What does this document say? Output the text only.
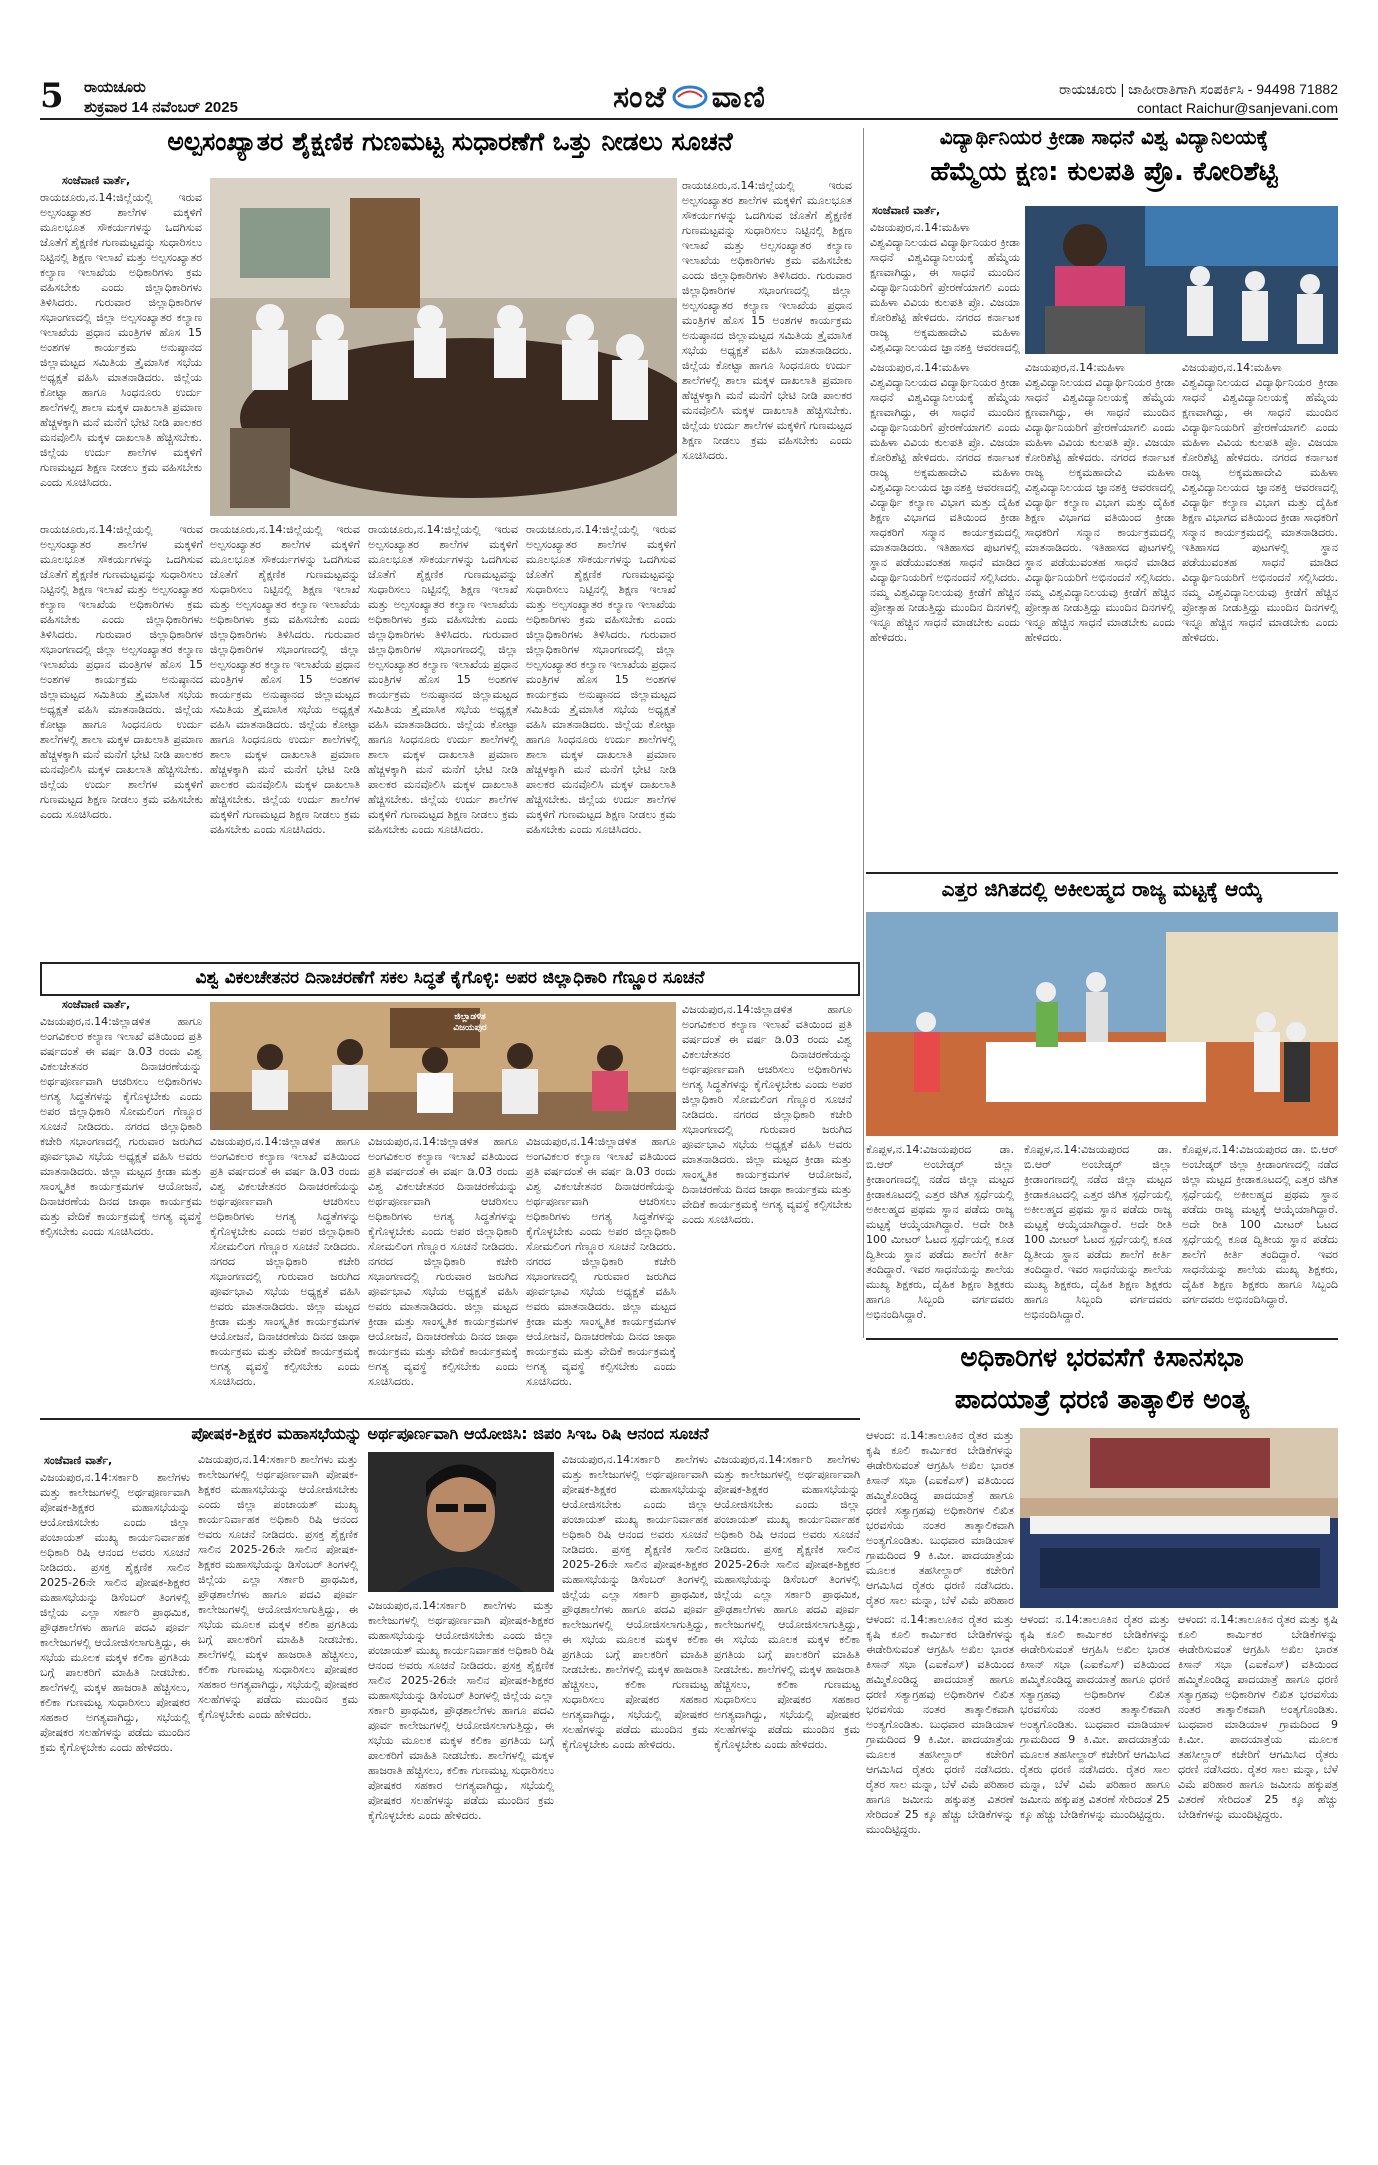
5 ರಾಯಚೂರು
ಶುಕ್ರವಾರ 14 ನವೆಂಬರ್ 2025	ಸಂಜೆ ವಾಣಿ	ರಾಯಚೂರು | ಜಾಹೀರಾತಿಗಾಗಿ ಸಂಪರ್ಕಿಸಿ - 94498 71882
contact Raichur@sanjevani.com
ಅಲ್ಪಸಂಖ್ಯಾತರ ಶೈಕ್ಷಣಿಕ ಗುಣಮಟ್ಟ ಸುಧಾರಣೆಗೆ ಒತ್ತು ನೀಡಲು ಸೂಚನೆ
ಸಂಜೆವಾಣಿ ವಾರ್ತೆ,

ರಾಯಚೂರು,ನ.14:ಜಿಲ್ಲೆಯಲ್ಲಿ ಇರುವ ಅಲ್ಪಸಂಖ್ಯಾತರ ಶಾಲೆಗಳ ಮಕ್ಕಳಿಗೆ ಮೂಲಭೂತ ಸೌಕರ್ಯಗಳನ್ನು ಒದಗಿಸುವ ಜೊತೆಗೆ ಶೈಕ್ಷಣಿಕ ಗುಣಮಟ್ಟವನ್ನು ಸುಧಾರಿಸಲು ನಿಟ್ಟಿನಲ್ಲಿ ಶಿಕ್ಷಣ ಇಲಾಖೆ ಮತ್ತು ಅಲ್ಪಸಂಖ್ಯಾತರ ಕಲ್ಯಾಣ ಇಲಾಖೆಯ ಅಧಿಕಾರಿಗಳು ಕ್ರಮ ವಹಿಸಬೇಕು ಎಂದು ಜಿಲ್ಲಾಧಿಕಾರಿಗಳು ತಿಳಿಸಿದರು. ಗುರುವಾರ ಜಿಲ್ಲಾಧಿಕಾರಿಗಳ ಸಭಾಂಗಣದಲ್ಲಿ ಜಿಲ್ಲಾ ಅಲ್ಪಸಂಖ್ಯಾತರ ಕಲ್ಯಾಣ ಇಲಾಖೆಯ ಪ್ರಧಾನ ಮಂತ್ರಿಗಳ ಹೊಸ 15 ಅಂಶಗಳ ಕಾರ್ಯಕ್ರಮ ಅನುಷ್ಠಾನದ ಜಿಲ್ಲಾಮಟ್ಟದ ಸಮಿತಿಯ ತ್ರೈಮಾಸಿಕ ಸಭೆಯ ಅಧ್ಯಕ್ಷತೆ ವಹಿಸಿ ಮಾತನಾಡಿದರು. ಜಿಲ್ಲೆಯ ಕೋಟ್ಟಾ ಹಾಗೂ ಸಿಂಧನೂರು ಉರ್ದು ಶಾಲೆಗಳಲ್ಲಿ ಶಾಲಾ ಮಕ್ಕಳ ದಾಖಲಾತಿ ಪ್ರಮಾಣ ಹೆಚ್ಚಳಕ್ಕಾಗಿ ಮನೆ ಮನೆಗೆ ಭೇಟಿ ನೀಡಿ ಪಾಲಕರ ಮನವೊಲಿಸಿ ಮಕ್ಕಳ ದಾಖಲಾತಿ ಹೆಚ್ಚಿಸಬೇಕು. ಜಿಲ್ಲೆಯ ಉರ್ದು ಶಾಲೆಗಳ ಮಕ್ಕಳಿಗೆ ಗುಣಮಟ್ಟದ ಶಿಕ್ಷಣ ನೀಡಲು ಕ್ರಮ ವಹಿಸಬೇಕು ಎಂದು ಸೂಚಿಸಿದರು.

ರಾಯಚೂರು,ನ.14:ಜಿಲ್ಲೆಯಲ್ಲಿ ಇರುವ ಅಲ್ಪಸಂಖ್ಯಾತರ ಶಾಲೆಗಳ ಮಕ್ಕಳಿಗೆ ಮೂಲಭೂತ ಸೌಕರ್ಯಗಳನ್ನು ಒದಗಿಸುವ ಜೊತೆಗೆ ಶೈಕ್ಷಣಿಕ ಗುಣಮಟ್ಟವನ್ನು ಸುಧಾರಿಸಲು ನಿಟ್ಟಿನಲ್ಲಿ ಶಿಕ್ಷಣ ಇಲಾಖೆ ಮತ್ತು ಅಲ್ಪಸಂಖ್ಯಾತರ ಕಲ್ಯಾಣ ಇಲಾಖೆಯ ಅಧಿಕಾರಿಗಳು ಕ್ರಮ ವಹಿಸಬೇಕು ಎಂದು ಜಿಲ್ಲಾಧಿಕಾರಿಗಳು ತಿಳಿಸಿದರು. ಗುರುವಾರ ಜಿಲ್ಲಾಧಿಕಾರಿಗಳ ಸಭಾಂಗಣದಲ್ಲಿ ಜಿಲ್ಲಾ ಅಲ್ಪಸಂಖ್ಯಾತರ ಕಲ್ಯಾಣ ಇಲಾಖೆಯ ಪ್ರಧಾನ ಮಂತ್ರಿಗಳ ಹೊಸ 15 ಅಂಶಗಳ ಕಾರ್ಯಕ್ರಮ ಅನುಷ್ಠಾನದ ಜಿಲ್ಲಾಮಟ್ಟದ ಸಮಿತಿಯ ತ್ರೈಮಾಸಿಕ ಸಭೆಯ ಅಧ್ಯಕ್ಷತೆ ವಹಿಸಿ ಮಾತನಾಡಿದರು. ಜಿಲ್ಲೆಯ ಕೋಟ್ಟಾ ಹಾಗೂ ಸಿಂಧನೂರು ಉರ್ದು ಶಾಲೆಗಳಲ್ಲಿ ಶಾಲಾ ಮಕ್ಕಳ ದಾಖಲಾತಿ ಪ್ರಮಾಣ ಹೆಚ್ಚಳಕ್ಕಾಗಿ ಮನೆ ಮನೆಗೆ ಭೇಟಿ ನೀಡಿ ಪಾಲಕರ ಮನವೊಲಿಸಿ ಮಕ್ಕಳ ದಾಖಲಾತಿ ಹೆಚ್ಚಿಸಬೇಕು. ಜಿಲ್ಲೆಯ ಉರ್ದು ಶಾಲೆಗಳ ಮಕ್ಕಳಿಗೆ ಗುಣಮಟ್ಟದ ಶಿಕ್ಷಣ ನೀಡಲು ಕ್ರಮ ವಹಿಸಬೇಕು ಎಂದು ಸೂಚಿಸಿದರು.

ರಾಯಚೂರು,ನ.14:ಜಿಲ್ಲೆಯಲ್ಲಿ ಇರುವ ಅಲ್ಪಸಂಖ್ಯಾತರ ಶಾಲೆಗಳ ಮಕ್ಕಳಿಗೆ ಮೂಲಭೂತ ಸೌಕರ್ಯಗಳನ್ನು ಒದಗಿಸುವ ಜೊತೆಗೆ ಶೈಕ್ಷಣಿಕ ಗುಣಮಟ್ಟವನ್ನು ಸುಧಾರಿಸಲು ನಿಟ್ಟಿನಲ್ಲಿ ಶಿಕ್ಷಣ ಇಲಾಖೆ ಮತ್ತು ಅಲ್ಪಸಂಖ್ಯಾತರ ಕಲ್ಯಾಣ ಇಲಾಖೆಯ ಅಧಿಕಾರಿಗಳು ಕ್ರಮ ವಹಿಸಬೇಕು ಎಂದು ಜಿಲ್ಲಾಧಿಕಾರಿಗಳು ತಿಳಿಸಿದರು. ಗುರುವಾರ ಜಿಲ್ಲಾಧಿಕಾರಿಗಳ ಸಭಾಂಗಣದಲ್ಲಿ ಜಿಲ್ಲಾ ಅಲ್ಪಸಂಖ್ಯಾತರ ಕಲ್ಯಾಣ ಇಲಾಖೆಯ ಪ್ರಧಾನ ಮಂತ್ರಿಗಳ ಹೊಸ 15 ಅಂಶಗಳ ಕಾರ್ಯಕ್ರಮ ಅನುಷ್ಠಾನದ ಜಿಲ್ಲಾಮಟ್ಟದ ಸಮಿತಿಯ ತ್ರೈಮಾಸಿಕ ಸಭೆಯ ಅಧ್ಯಕ್ಷತೆ ವಹಿಸಿ ಮಾತನಾಡಿದರು. ಜಿಲ್ಲೆಯ ಕೋಟ್ಟಾ ಹಾಗೂ ಸಿಂಧನೂರು ಉರ್ದು ಶಾಲೆಗಳಲ್ಲಿ ಶಾಲಾ ಮಕ್ಕಳ ದಾಖಲಾತಿ ಪ್ರಮಾಣ ಹೆಚ್ಚಳಕ್ಕಾಗಿ ಮನೆ ಮನೆಗೆ ಭೇಟಿ ನೀಡಿ ಪಾಲಕರ ಮನವೊಲಿಸಿ ಮಕ್ಕಳ ದಾಖಲಾತಿ ಹೆಚ್ಚಿಸಬೇಕು. ಜಿಲ್ಲೆಯ ಉರ್ದು ಶಾಲೆಗಳ ಮಕ್ಕಳಿಗೆ ಗುಣಮಟ್ಟದ ಶಿಕ್ಷಣ ನೀಡಲು ಕ್ರಮ ವಹಿಸಬೇಕು ಎಂದು ಸೂಚಿಸಿದರು.

ರಾಯಚೂರು,ನ.14:ಜಿಲ್ಲೆಯಲ್ಲಿ ಇರುವ ಅಲ್ಪಸಂಖ್ಯಾತರ ಶಾಲೆಗಳ ಮಕ್ಕಳಿಗೆ ಮೂಲಭೂತ ಸೌಕರ್ಯಗಳನ್ನು ಒದಗಿಸುವ ಜೊತೆಗೆ ಶೈಕ್ಷಣಿಕ ಗುಣಮಟ್ಟವನ್ನು ಸುಧಾರಿಸಲು ನಿಟ್ಟಿನಲ್ಲಿ ಶಿಕ್ಷಣ ಇಲಾಖೆ ಮತ್ತು ಅಲ್ಪಸಂಖ್ಯಾತರ ಕಲ್ಯಾಣ ಇಲಾಖೆಯ ಅಧಿಕಾರಿಗಳು ಕ್ರಮ ವಹಿಸಬೇಕು ಎಂದು ಜಿಲ್ಲಾಧಿಕಾರಿಗಳು ತಿಳಿಸಿದರು. ಗುರುವಾರ ಜಿಲ್ಲಾಧಿಕಾರಿಗಳ ಸಭಾಂಗಣದಲ್ಲಿ ಜಿಲ್ಲಾ ಅಲ್ಪಸಂಖ್ಯಾತರ ಕಲ್ಯಾಣ ಇಲಾಖೆಯ ಪ್ರಧಾನ ಮಂತ್ರಿಗಳ ಹೊಸ 15 ಅಂಶಗಳ ಕಾರ್ಯಕ್ರಮ ಅನುಷ್ಠಾನದ ಜಿಲ್ಲಾಮಟ್ಟದ ಸಮಿತಿಯ ತ್ರೈಮಾಸಿಕ ಸಭೆಯ ಅಧ್ಯಕ್ಷತೆ ವಹಿಸಿ ಮಾತನಾಡಿದರು. ಜಿಲ್ಲೆಯ ಕೋಟ್ಟಾ ಹಾಗೂ ಸಿಂಧನೂರು ಉರ್ದು ಶಾಲೆಗಳಲ್ಲಿ ಶಾಲಾ ಮಕ್ಕಳ ದಾಖಲಾತಿ ಪ್ರಮಾಣ ಹೆಚ್ಚಳಕ್ಕಾಗಿ ಮನೆ ಮನೆಗೆ ಭೇಟಿ ನೀಡಿ ಪಾಲಕರ ಮನವೊಲಿಸಿ ಮಕ್ಕಳ ದಾಖಲಾತಿ ಹೆಚ್ಚಿಸಬೇಕು. ಜಿಲ್ಲೆಯ ಉರ್ದು ಶಾಲೆಗಳ ಮಕ್ಕಳಿಗೆ ಗುಣಮಟ್ಟದ ಶಿಕ್ಷಣ ನೀಡಲು ಕ್ರಮ ವಹಿಸಬೇಕು ಎಂದು ಸೂಚಿಸಿದರು.

ರಾಯಚೂರು,ನ.14:ಜಿಲ್ಲೆಯಲ್ಲಿ ಇರುವ ಅಲ್ಪಸಂಖ್ಯಾತರ ಶಾಲೆಗಳ ಮಕ್ಕಳಿಗೆ ಮೂಲಭೂತ ಸೌಕರ್ಯಗಳನ್ನು ಒದಗಿಸುವ ಜೊತೆಗೆ ಶೈಕ್ಷಣಿಕ ಗುಣಮಟ್ಟವನ್ನು ಸುಧಾರಿಸಲು ನಿಟ್ಟಿನಲ್ಲಿ ಶಿಕ್ಷಣ ಇಲಾಖೆ ಮತ್ತು ಅಲ್ಪಸಂಖ್ಯಾತರ ಕಲ್ಯಾಣ ಇಲಾಖೆಯ ಅಧಿಕಾರಿಗಳು ಕ್ರಮ ವಹಿಸಬೇಕು ಎಂದು ಜಿಲ್ಲಾಧಿಕಾರಿಗಳು ತಿಳಿಸಿದರು. ಗುರುವಾರ ಜಿಲ್ಲಾಧಿಕಾರಿಗಳ ಸಭಾಂಗಣದಲ್ಲಿ ಜಿಲ್ಲಾ ಅಲ್ಪಸಂಖ್ಯಾತರ ಕಲ್ಯಾಣ ಇಲಾಖೆಯ ಪ್ರಧಾನ ಮಂತ್ರಿಗಳ ಹೊಸ 15 ಅಂಶಗಳ ಕಾರ್ಯಕ್ರಮ ಅನುಷ್ಠಾನದ ಜಿಲ್ಲಾಮಟ್ಟದ ಸಮಿತಿಯ ತ್ರೈಮಾಸಿಕ ಸಭೆಯ ಅಧ್ಯಕ್ಷತೆ ವಹಿಸಿ ಮಾತನಾಡಿದರು. ಜಿಲ್ಲೆಯ ಕೋಟ್ಟಾ ಹಾಗೂ ಸಿಂಧನೂರು ಉರ್ದು ಶಾಲೆಗಳಲ್ಲಿ ಶಾಲಾ ಮಕ್ಕಳ ದಾಖಲಾತಿ ಪ್ರಮಾಣ ಹೆಚ್ಚಳಕ್ಕಾಗಿ ಮನೆ ಮನೆಗೆ ಭೇಟಿ ನೀಡಿ ಪಾಲಕರ ಮನವೊಲಿಸಿ ಮಕ್ಕಳ ದಾಖಲಾತಿ ಹೆಚ್ಚಿಸಬೇಕು. ಜಿಲ್ಲೆಯ ಉರ್ದು ಶಾಲೆಗಳ ಮಕ್ಕಳಿಗೆ ಗುಣಮಟ್ಟದ ಶಿಕ್ಷಣ ನೀಡಲು ಕ್ರಮ ವಹಿಸಬೇಕು ಎಂದು ಸೂಚಿಸಿದರು.

ರಾಯಚೂರು,ನ.14:ಜಿಲ್ಲೆಯಲ್ಲಿ ಇರುವ ಅಲ್ಪಸಂಖ್ಯಾತರ ಶಾಲೆಗಳ ಮಕ್ಕಳಿಗೆ ಮೂಲಭೂತ ಸೌಕರ್ಯಗಳನ್ನು ಒದಗಿಸುವ ಜೊತೆಗೆ ಶೈಕ್ಷಣಿಕ ಗುಣಮಟ್ಟವನ್ನು ಸುಧಾರಿಸಲು ನಿಟ್ಟಿನಲ್ಲಿ ಶಿಕ್ಷಣ ಇಲಾಖೆ ಮತ್ತು ಅಲ್ಪಸಂಖ್ಯಾತರ ಕಲ್ಯಾಣ ಇಲಾಖೆಯ ಅಧಿಕಾರಿಗಳು ಕ್ರಮ ವಹಿಸಬೇಕು ಎಂದು ಜಿಲ್ಲಾಧಿಕಾರಿಗಳು ತಿಳಿಸಿದರು. ಗುರುವಾರ ಜಿಲ್ಲಾಧಿಕಾರಿಗಳ ಸಭಾಂಗಣದಲ್ಲಿ ಜಿಲ್ಲಾ ಅಲ್ಪಸಂಖ್ಯಾತರ ಕಲ್ಯಾಣ ಇಲಾಖೆಯ ಪ್ರಧಾನ ಮಂತ್ರಿಗಳ ಹೊಸ 15 ಅಂಶಗಳ ಕಾರ್ಯಕ್ರಮ ಅನುಷ್ಠಾನದ ಜಿಲ್ಲಾಮಟ್ಟದ ಸಮಿತಿಯ ತ್ರೈಮಾಸಿಕ ಸಭೆಯ ಅಧ್ಯಕ್ಷತೆ ವಹಿಸಿ ಮಾತನಾಡಿದರು. ಜಿಲ್ಲೆಯ ಕೋಟ್ಟಾ ಹಾಗೂ ಸಿಂಧನೂರು ಉರ್ದು ಶಾಲೆಗಳಲ್ಲಿ ಶಾಲಾ ಮಕ್ಕಳ ದಾಖಲಾತಿ ಪ್ರಮಾಣ ಹೆಚ್ಚಳಕ್ಕಾಗಿ ಮನೆ ಮನೆಗೆ ಭೇಟಿ ನೀಡಿ ಪಾಲಕರ ಮನವೊಲಿಸಿ ಮಕ್ಕಳ ದಾಖಲಾತಿ ಹೆಚ್ಚಿಸಬೇಕು. ಜಿಲ್ಲೆಯ ಉರ್ದು ಶಾಲೆಗಳ ಮಕ್ಕಳಿಗೆ ಗುಣಮಟ್ಟದ ಶಿಕ್ಷಣ ನೀಡಲು ಕ್ರಮ ವಹಿಸಬೇಕು ಎಂದು ಸೂಚಿಸಿದರು.

ವಿದ್ಯಾರ್ಥಿನಿಯರ ಕ್ರೀಡಾ ಸಾಧನೆ ವಿಶ್ವ ವಿದ್ಯಾನಿಲಯಕ್ಕೆ
ಹೆಮ್ಮೆಯ ಕ್ಷಣ: ಕುಲಪತಿ ಪ್ರೊ. ಕೋರಿಶೆಟ್ಟಿ
ಸಂಜೆವಾಣಿ ವಾರ್ತೆ,

ವಿಜಯಪುರ,ನ.14:ಮಹಿಳಾ ವಿಶ್ವವಿದ್ಯಾನಿಲಯದ ವಿದ್ಯಾರ್ಥಿನಿಯರ ಕ್ರೀಡಾ ಸಾಧನೆ ವಿಶ್ವವಿದ್ಯಾನಿಲಯಕ್ಕೆ ಹೆಮ್ಮೆಯ ಕ್ಷಣವಾಗಿದ್ದು, ಈ ಸಾಧನೆ ಮುಂದಿನ ವಿದ್ಯಾರ್ಥಿನಿಯರಿಗೆ ಪ್ರೇರಣೆಯಾಗಲಿ ಎಂದು ಮಹಿಳಾ ವಿವಿಯ ಕುಲಪತಿ ಪ್ರೊ. ವಿಜಯಾ ಕೋರಿಶೆಟ್ಟಿ ಹೇಳಿದರು. ನಗರದ ಕರ್ನಾಟಕ ರಾಜ್ಯ ಅಕ್ಕಮಹಾದೇವಿ ಮಹಿಳಾ ವಿಶ್ವವಿದ್ಯಾನಿಲಯದ ಜ್ಞಾನಶಕ್ತಿ ಆವರಣದಲ್ಲಿ

ವಿಜಯಪುರ,ನ.14:ಮಹಿಳಾ ವಿಶ್ವವಿದ್ಯಾನಿಲಯದ ವಿದ್ಯಾರ್ಥಿನಿಯರ ಕ್ರೀಡಾ ಸಾಧನೆ ವಿಶ್ವವಿದ್ಯಾನಿಲಯಕ್ಕೆ ಹೆಮ್ಮೆಯ ಕ್ಷಣವಾಗಿದ್ದು, ಈ ಸಾಧನೆ ಮುಂದಿನ ವಿದ್ಯಾರ್ಥಿನಿಯರಿಗೆ ಪ್ರೇರಣೆಯಾಗಲಿ ಎಂದು ಮಹಿಳಾ ವಿವಿಯ ಕುಲಪತಿ ಪ್ರೊ. ವಿಜಯಾ ಕೋರಿಶೆಟ್ಟಿ ಹೇಳಿದರು. ನಗರದ ಕರ್ನಾಟಕ ರಾಜ್ಯ ಅಕ್ಕಮಹಾದೇವಿ ಮಹಿಳಾ ವಿಶ್ವವಿದ್ಯಾನಿಲಯದ ಜ್ಞಾನಶಕ್ತಿ ಆವರಣದಲ್ಲಿ ವಿದ್ಯಾರ್ಥಿ ಕಲ್ಯಾಣ ವಿಭಾಗ ಮತ್ತು ದೈಹಿಕ ಶಿಕ್ಷಣ ವಿಭಾಗದ ವತಿಯಿಂದ ಕ್ರೀಡಾ ಸಾಧಕರಿಗೆ ಸನ್ಮಾನ ಕಾರ್ಯಕ್ರಮದಲ್ಲಿ ಮಾತನಾಡಿದರು. ಇತಿಹಾಸದ ಪುಟಗಳಲ್ಲಿ ಸ್ಥಾನ ಪಡೆಯುವಂತಹ ಸಾಧನೆ ಮಾಡಿದ ವಿದ್ಯಾರ್ಥಿನಿಯರಿಗೆ ಅಭಿನಂದನೆ ಸಲ್ಲಿಸಿದರು. ನಮ್ಮ ವಿಶ್ವವಿದ್ಯಾನಿಲಯವು ಕ್ರೀಡೆಗೆ ಹೆಚ್ಚಿನ ಪ್ರೋತ್ಸಾಹ ನೀಡುತ್ತಿದ್ದು ಮುಂದಿನ ದಿನಗಳಲ್ಲಿ ಇನ್ನೂ ಹೆಚ್ಚಿನ ಸಾಧನೆ ಮಾಡಬೇಕು ಎಂದು ಹೇಳಿದರು.

ವಿಜಯಪುರ,ನ.14:ಮಹಿಳಾ ವಿಶ್ವವಿದ್ಯಾನಿಲಯದ ವಿದ್ಯಾರ್ಥಿನಿಯರ ಕ್ರೀಡಾ ಸಾಧನೆ ವಿಶ್ವವಿದ್ಯಾನಿಲಯಕ್ಕೆ ಹೆಮ್ಮೆಯ ಕ್ಷಣವಾಗಿದ್ದು, ಈ ಸಾಧನೆ ಮುಂದಿನ ವಿದ್ಯಾರ್ಥಿನಿಯರಿಗೆ ಪ್ರೇರಣೆಯಾಗಲಿ ಎಂದು ಮಹಿಳಾ ವಿವಿಯ ಕುಲಪತಿ ಪ್ರೊ. ವಿಜಯಾ ಕೋರಿಶೆಟ್ಟಿ ಹೇಳಿದರು. ನಗರದ ಕರ್ನಾಟಕ ರಾಜ್ಯ ಅಕ್ಕಮಹಾದೇವಿ ಮಹಿಳಾ ವಿಶ್ವವಿದ್ಯಾನಿಲಯದ ಜ್ಞಾನಶಕ್ತಿ ಆವರಣದಲ್ಲಿ ವಿದ್ಯಾರ್ಥಿ ಕಲ್ಯಾಣ ವಿಭಾಗ ಮತ್ತು ದೈಹಿಕ ಶಿಕ್ಷಣ ವಿಭಾಗದ ವತಿಯಿಂದ ಕ್ರೀಡಾ ಸಾಧಕರಿಗೆ ಸನ್ಮಾನ ಕಾರ್ಯಕ್ರಮದಲ್ಲಿ ಮಾತನಾಡಿದರು. ಇತಿಹಾಸದ ಪುಟಗಳಲ್ಲಿ ಸ್ಥಾನ ಪಡೆಯುವಂತಹ ಸಾಧನೆ ಮಾಡಿದ ವಿದ್ಯಾರ್ಥಿನಿಯರಿಗೆ ಅಭಿನಂದನೆ ಸಲ್ಲಿಸಿದರು. ನಮ್ಮ ವಿಶ್ವವಿದ್ಯಾನಿಲಯವು ಕ್ರೀಡೆಗೆ ಹೆಚ್ಚಿನ ಪ್ರೋತ್ಸಾಹ ನೀಡುತ್ತಿದ್ದು ಮುಂದಿನ ದಿನಗಳಲ್ಲಿ ಇನ್ನೂ ಹೆಚ್ಚಿನ ಸಾಧನೆ ಮಾಡಬೇಕು ಎಂದು ಹೇಳಿದರು.

ವಿಜಯಪುರ,ನ.14:ಮಹಿಳಾ ವಿಶ್ವವಿದ್ಯಾನಿಲಯದ ವಿದ್ಯಾರ್ಥಿನಿಯರ ಕ್ರೀಡಾ ಸಾಧನೆ ವಿಶ್ವವಿದ್ಯಾನಿಲಯಕ್ಕೆ ಹೆಮ್ಮೆಯ ಕ್ಷಣವಾಗಿದ್ದು, ಈ ಸಾಧನೆ ಮುಂದಿನ ವಿದ್ಯಾರ್ಥಿನಿಯರಿಗೆ ಪ್ರೇರಣೆಯಾಗಲಿ ಎಂದು ಮಹಿಳಾ ವಿವಿಯ ಕುಲಪತಿ ಪ್ರೊ. ವಿಜಯಾ ಕೋರಿಶೆಟ್ಟಿ ಹೇಳಿದರು. ನಗರದ ಕರ್ನಾಟಕ ರಾಜ್ಯ ಅಕ್ಕಮಹಾದೇವಿ ಮಹಿಳಾ ವಿಶ್ವವಿದ್ಯಾನಿಲಯದ ಜ್ಞಾನಶಕ್ತಿ ಆವರಣದಲ್ಲಿ ವಿದ್ಯಾರ್ಥಿ ಕಲ್ಯಾಣ ವಿಭಾಗ ಮತ್ತು ದೈಹಿಕ ಶಿಕ್ಷಣ ವಿಭಾಗದ ವತಿಯಿಂದ ಕ್ರೀಡಾ ಸಾಧಕರಿಗೆ ಸನ್ಮಾನ ಕಾರ್ಯಕ್ರಮದಲ್ಲಿ ಮಾತನಾಡಿದರು. ಇತಿಹಾಸದ ಪುಟಗಳಲ್ಲಿ ಸ್ಥಾನ ಪಡೆಯುವಂತಹ ಸಾಧನೆ ಮಾಡಿದ ವಿದ್ಯಾರ್ಥಿನಿಯರಿಗೆ ಅಭಿನಂದನೆ ಸಲ್ಲಿಸಿದರು. ನಮ್ಮ ವಿಶ್ವವಿದ್ಯಾನಿಲಯವು ಕ್ರೀಡೆಗೆ ಹೆಚ್ಚಿನ ಪ್ರೋತ್ಸಾಹ ನೀಡುತ್ತಿದ್ದು ಮುಂದಿನ ದಿನಗಳಲ್ಲಿ ಇನ್ನೂ ಹೆಚ್ಚಿನ ಸಾಧನೆ ಮಾಡಬೇಕು ಎಂದು ಹೇಳಿದರು.

ಎತ್ತರ ಜಿಗಿತದಲ್ಲಿ ಅಕೀಲಹ್ಮದ ರಾಜ್ಯ ಮಟ್ಟಕ್ಕೆ ಆಯ್ಕೆ

ಕೊಪ್ಪಳ,ನ.14:ವಿಜಯಪುರದ ಡಾ. ಬಿ.ಆರ್ ಅಂಬೇಡ್ಕರ್ ಜಿಲ್ಲಾ ಕ್ರೀಡಾಂಗಣದಲ್ಲಿ ನಡೆದ ಜಿಲ್ಲಾ ಮಟ್ಟದ ಕ್ರೀಡಾಕೂಟದಲ್ಲಿ ಎತ್ತರ ಜಿಗಿತ ಸ್ಪರ್ಧೆಯಲ್ಲಿ ಅಕೀಲಹ್ಮದ ಪ್ರಥಮ ಸ್ಥಾನ ಪಡೆದು ರಾಜ್ಯ ಮಟ್ಟಕ್ಕೆ ಆಯ್ಕೆಯಾಗಿದ್ದಾರೆ. ಅದೇ ರೀತಿ 100 ಮೀಟರ್ ಓಟದ ಸ್ಪರ್ಧೆಯಲ್ಲಿ ಕೂಡ ದ್ವಿತೀಯ ಸ್ಥಾನ ಪಡೆದು ಶಾಲೆಗೆ ಕೀರ್ತಿ ತಂದಿದ್ದಾರೆ. ಇವರ ಸಾಧನೆಯನ್ನು ಶಾಲೆಯ ಮುಖ್ಯ ಶಿಕ್ಷಕರು, ದೈಹಿಕ ಶಿಕ್ಷಣ ಶಿಕ್ಷಕರು ಹಾಗೂ ಸಿಬ್ಬಂದಿ ವರ್ಗದವರು ಅಭಿನಂದಿಸಿದ್ದಾರೆ.

ಕೊಪ್ಪಳ,ನ.14:ವಿಜಯಪುರದ ಡಾ. ಬಿ.ಆರ್ ಅಂಬೇಡ್ಕರ್ ಜಿಲ್ಲಾ ಕ್ರೀಡಾಂಗಣದಲ್ಲಿ ನಡೆದ ಜಿಲ್ಲಾ ಮಟ್ಟದ ಕ್ರೀಡಾಕೂಟದಲ್ಲಿ ಎತ್ತರ ಜಿಗಿತ ಸ್ಪರ್ಧೆಯಲ್ಲಿ ಅಕೀಲಹ್ಮದ ಪ್ರಥಮ ಸ್ಥಾನ ಪಡೆದು ರಾಜ್ಯ ಮಟ್ಟಕ್ಕೆ ಆಯ್ಕೆಯಾಗಿದ್ದಾರೆ. ಅದೇ ರೀತಿ 100 ಮೀಟರ್ ಓಟದ ಸ್ಪರ್ಧೆಯಲ್ಲಿ ಕೂಡ ದ್ವಿತೀಯ ಸ್ಥಾನ ಪಡೆದು ಶಾಲೆಗೆ ಕೀರ್ತಿ ತಂದಿದ್ದಾರೆ. ಇವರ ಸಾಧನೆಯನ್ನು ಶಾಲೆಯ ಮುಖ್ಯ ಶಿಕ್ಷಕರು, ದೈಹಿಕ ಶಿಕ್ಷಣ ಶಿಕ್ಷಕರು ಹಾಗೂ ಸಿಬ್ಬಂದಿ ವರ್ಗದವರು ಅಭಿನಂದಿಸಿದ್ದಾರೆ.

ಕೊಪ್ಪಳ,ನ.14:ವಿಜಯಪುರದ ಡಾ. ಬಿ.ಆರ್ ಅಂಬೇಡ್ಕರ್ ಜಿಲ್ಲಾ ಕ್ರೀಡಾಂಗಣದಲ್ಲಿ ನಡೆದ ಜಿಲ್ಲಾ ಮಟ್ಟದ ಕ್ರೀಡಾಕೂಟದಲ್ಲಿ ಎತ್ತರ ಜಿಗಿತ ಸ್ಪರ್ಧೆಯಲ್ಲಿ ಅಕೀಲಹ್ಮದ ಪ್ರಥಮ ಸ್ಥಾನ ಪಡೆದು ರಾಜ್ಯ ಮಟ್ಟಕ್ಕೆ ಆಯ್ಕೆಯಾಗಿದ್ದಾರೆ. ಅದೇ ರೀತಿ 100 ಮೀಟರ್ ಓಟದ ಸ್ಪರ್ಧೆಯಲ್ಲಿ ಕೂಡ ದ್ವಿತೀಯ ಸ್ಥಾನ ಪಡೆದು ಶಾಲೆಗೆ ಕೀರ್ತಿ ತಂದಿದ್ದಾರೆ. ಇವರ ಸಾಧನೆಯನ್ನು ಶಾಲೆಯ ಮುಖ್ಯ ಶಿಕ್ಷಕರು, ದೈಹಿಕ ಶಿಕ್ಷಣ ಶಿಕ್ಷಕರು ಹಾಗೂ ಸಿಬ್ಬಂದಿ ವರ್ಗದವರು ಅಭಿನಂದಿಸಿದ್ದಾರೆ.

ವಿಶ್ವ ವಿಕಲಚೇತನರ ದಿನಾಚರಣೆಗೆ ಸಕಲ ಸಿದ್ಧತೆ ಕೈಗೊಳ್ಳಿ: ಅಪರ ಜಿಲ್ಲಾಧಿಕಾರಿ ಗೆಣ್ಣೂರ ಸೂಚನೆ
ಸಂಜೆವಾಣಿ ವಾರ್ತೆ,

ವಿಜಯಪುರ,ನ.14:ಜಿಲ್ಲಾಡಳಿತ ಹಾಗೂ ಅಂಗವಿಕಲರ ಕಲ್ಯಾಣ ಇಲಾಖೆ ವತಿಯಿಂದ ಪ್ರತಿ ವರ್ಷದಂತೆ ಈ ವರ್ಷ ಡಿ.03 ರಂದು ವಿಶ್ವ ವಿಕಲಚೇತನರ ದಿನಾಚರಣೆಯನ್ನು ಅರ್ಥಪೂರ್ಣವಾಗಿ ಆಚರಿಸಲು ಅಧಿಕಾರಿಗಳು ಅಗತ್ಯ ಸಿದ್ಧತೆಗಳನ್ನು ಕೈಗೊಳ್ಳಬೇಕು ಎಂದು ಅಪರ ಜಿಲ್ಲಾಧಿಕಾರಿ ಸೋಮಲಿಂಗ ಗೆಣ್ಣೂರ ಸೂಚನೆ ನೀಡಿದರು. ನಗರದ ಜಿಲ್ಲಾಧಿಕಾರಿ ಕಚೇರಿ ಸಭಾಂಗಣದಲ್ಲಿ ಗುರುವಾರ ಜರುಗಿದ ಪೂರ್ವಭಾವಿ ಸಭೆಯ ಅಧ್ಯಕ್ಷತೆ ವಹಿಸಿ ಅವರು ಮಾತನಾಡಿದರು. ಜಿಲ್ಲಾ ಮಟ್ಟದ ಕ್ರೀಡಾ ಮತ್ತು ಸಾಂಸ್ಕೃತಿಕ ಕಾರ್ಯಕ್ರಮಗಳ ಆಯೋಜನೆ, ದಿನಾಚರಣೆಯ ದಿನದ ಜಾಥಾ ಕಾರ್ಯಕ್ರಮ ಮತ್ತು ವೇದಿಕೆ ಕಾರ್ಯಕ್ರಮಕ್ಕೆ ಅಗತ್ಯ ವ್ಯವಸ್ಥೆ ಕಲ್ಪಿಸಬೇಕು ಎಂದು ಸೂಚಿಸಿದರು.

ಜಿಲ್ಲಾಡಳಿತ ವಿಜಯಪುರ

ವಿಜಯಪುರ,ನ.14:ಜಿಲ್ಲಾಡಳಿತ ಹಾಗೂ ಅಂಗವಿಕಲರ ಕಲ್ಯಾಣ ಇಲಾಖೆ ವತಿಯಿಂದ ಪ್ರತಿ ವರ್ಷದಂತೆ ಈ ವರ್ಷ ಡಿ.03 ರಂದು ವಿಶ್ವ ವಿಕಲಚೇತನರ ದಿನಾಚರಣೆಯನ್ನು ಅರ್ಥಪೂರ್ಣವಾಗಿ ಆಚರಿಸಲು ಅಧಿಕಾರಿಗಳು ಅಗತ್ಯ ಸಿದ್ಧತೆಗಳನ್ನು ಕೈಗೊಳ್ಳಬೇಕು ಎಂದು ಅಪರ ಜಿಲ್ಲಾಧಿಕಾರಿ ಸೋಮಲಿಂಗ ಗೆಣ್ಣೂರ ಸೂಚನೆ ನೀಡಿದರು. ನಗರದ ಜಿಲ್ಲಾಧಿಕಾರಿ ಕಚೇರಿ ಸಭಾಂಗಣದಲ್ಲಿ ಗುರುವಾರ ಜರುಗಿದ ಪೂರ್ವಭಾವಿ ಸಭೆಯ ಅಧ್ಯಕ್ಷತೆ ವಹಿಸಿ ಅವರು ಮಾತನಾಡಿದರು. ಜಿಲ್ಲಾ ಮಟ್ಟದ ಕ್ರೀಡಾ ಮತ್ತು ಸಾಂಸ್ಕೃತಿಕ ಕಾರ್ಯಕ್ರಮಗಳ ಆಯೋಜನೆ, ದಿನಾಚರಣೆಯ ದಿನದ ಜಾಥಾ ಕಾರ್ಯಕ್ರಮ ಮತ್ತು ವೇದಿಕೆ ಕಾರ್ಯಕ್ರಮಕ್ಕೆ ಅಗತ್ಯ ವ್ಯವಸ್ಥೆ ಕಲ್ಪಿಸಬೇಕು ಎಂದು ಸೂಚಿಸಿದರು.

ವಿಜಯಪುರ,ನ.14:ಜಿಲ್ಲಾಡಳಿತ ಹಾಗೂ ಅಂಗವಿಕಲರ ಕಲ್ಯಾಣ ಇಲಾಖೆ ವತಿಯಿಂದ ಪ್ರತಿ ವರ್ಷದಂತೆ ಈ ವರ್ಷ ಡಿ.03 ರಂದು ವಿಶ್ವ ವಿಕಲಚೇತನರ ದಿನಾಚರಣೆಯನ್ನು ಅರ್ಥಪೂರ್ಣವಾಗಿ ಆಚರಿಸಲು ಅಧಿಕಾರಿಗಳು ಅಗತ್ಯ ಸಿದ್ಧತೆಗಳನ್ನು ಕೈಗೊಳ್ಳಬೇಕು ಎಂದು ಅಪರ ಜಿಲ್ಲಾಧಿಕಾರಿ ಸೋಮಲಿಂಗ ಗೆಣ್ಣೂರ ಸೂಚನೆ ನೀಡಿದರು. ನಗರದ ಜಿಲ್ಲಾಧಿಕಾರಿ ಕಚೇರಿ ಸಭಾಂಗಣದಲ್ಲಿ ಗುರುವಾರ ಜರುಗಿದ ಪೂರ್ವಭಾವಿ ಸಭೆಯ ಅಧ್ಯಕ್ಷತೆ ವಹಿಸಿ ಅವರು ಮಾತನಾಡಿದರು. ಜಿಲ್ಲಾ ಮಟ್ಟದ ಕ್ರೀಡಾ ಮತ್ತು ಸಾಂಸ್ಕೃತಿಕ ಕಾರ್ಯಕ್ರಮಗಳ ಆಯೋಜನೆ, ದಿನಾಚರಣೆಯ ದಿನದ ಜಾಥಾ ಕಾರ್ಯಕ್ರಮ ಮತ್ತು ವೇದಿಕೆ ಕಾರ್ಯಕ್ರಮಕ್ಕೆ ಅಗತ್ಯ ವ್ಯವಸ್ಥೆ ಕಲ್ಪಿಸಬೇಕು ಎಂದು ಸೂಚಿಸಿದರು.

ವಿಜಯಪುರ,ನ.14:ಜಿಲ್ಲಾಡಳಿತ ಹಾಗೂ ಅಂಗವಿಕಲರ ಕಲ್ಯಾಣ ಇಲಾಖೆ ವತಿಯಿಂದ ಪ್ರತಿ ವರ್ಷದಂತೆ ಈ ವರ್ಷ ಡಿ.03 ರಂದು ವಿಶ್ವ ವಿಕಲಚೇತನರ ದಿನಾಚರಣೆಯನ್ನು ಅರ್ಥಪೂರ್ಣವಾಗಿ ಆಚರಿಸಲು ಅಧಿಕಾರಿಗಳು ಅಗತ್ಯ ಸಿದ್ಧತೆಗಳನ್ನು ಕೈಗೊಳ್ಳಬೇಕು ಎಂದು ಅಪರ ಜಿಲ್ಲಾಧಿಕಾರಿ ಸೋಮಲಿಂಗ ಗೆಣ್ಣೂರ ಸೂಚನೆ ನೀಡಿದರು. ನಗರದ ಜಿಲ್ಲಾಧಿಕಾರಿ ಕಚೇರಿ ಸಭಾಂಗಣದಲ್ಲಿ ಗುರುವಾರ ಜರುಗಿದ ಪೂರ್ವಭಾವಿ ಸಭೆಯ ಅಧ್ಯಕ್ಷತೆ ವಹಿಸಿ ಅವರು ಮಾತನಾಡಿದರು. ಜಿಲ್ಲಾ ಮಟ್ಟದ ಕ್ರೀಡಾ ಮತ್ತು ಸಾಂಸ್ಕೃತಿಕ ಕಾರ್ಯಕ್ರಮಗಳ ಆಯೋಜನೆ, ದಿನಾಚರಣೆಯ ದಿನದ ಜಾಥಾ ಕಾರ್ಯಕ್ರಮ ಮತ್ತು ವೇದಿಕೆ ಕಾರ್ಯಕ್ರಮಕ್ಕೆ ಅಗತ್ಯ ವ್ಯವಸ್ಥೆ ಕಲ್ಪಿಸಬೇಕು ಎಂದು ಸೂಚಿಸಿದರು.

ವಿಜಯಪುರ,ನ.14:ಜಿಲ್ಲಾಡಳಿತ ಹಾಗೂ ಅಂಗವಿಕಲರ ಕಲ್ಯಾಣ ಇಲಾಖೆ ವತಿಯಿಂದ ಪ್ರತಿ ವರ್ಷದಂತೆ ಈ ವರ್ಷ ಡಿ.03 ರಂದು ವಿಶ್ವ ವಿಕಲಚೇತನರ ದಿನಾಚರಣೆಯನ್ನು ಅರ್ಥಪೂರ್ಣವಾಗಿ ಆಚರಿಸಲು ಅಧಿಕಾರಿಗಳು ಅಗತ್ಯ ಸಿದ್ಧತೆಗಳನ್ನು ಕೈಗೊಳ್ಳಬೇಕು ಎಂದು ಅಪರ ಜಿಲ್ಲಾಧಿಕಾರಿ ಸೋಮಲಿಂಗ ಗೆಣ್ಣೂರ ಸೂಚನೆ ನೀಡಿದರು. ನಗರದ ಜಿಲ್ಲಾಧಿಕಾರಿ ಕಚೇರಿ ಸಭಾಂಗಣದಲ್ಲಿ ಗುರುವಾರ ಜರುಗಿದ ಪೂರ್ವಭಾವಿ ಸಭೆಯ ಅಧ್ಯಕ್ಷತೆ ವಹಿಸಿ ಅವರು ಮಾತನಾಡಿದರು. ಜಿಲ್ಲಾ ಮಟ್ಟದ ಕ್ರೀಡಾ ಮತ್ತು ಸಾಂಸ್ಕೃತಿಕ ಕಾರ್ಯಕ್ರಮಗಳ ಆಯೋಜನೆ, ದಿನಾಚರಣೆಯ ದಿನದ ಜಾಥಾ ಕಾರ್ಯಕ್ರಮ ಮತ್ತು ವೇದಿಕೆ ಕಾರ್ಯಕ್ರಮಕ್ಕೆ ಅಗತ್ಯ ವ್ಯವಸ್ಥೆ ಕಲ್ಪಿಸಬೇಕು ಎಂದು ಸೂಚಿಸಿದರು.

ಅಧಿಕಾರಿಗಳ ಭರವಸೆಗೆ ಕಿಸಾನಸಭಾ
ಪಾದಯಾತ್ರೆ ಧರಣಿ ತಾತ್ಕಾಲಿಕ ಅಂತ್ಯ

ಆಳಂದ: ನ.14:ತಾಲೂಕಿನ ರೈತರ ಮತ್ತು ಕೃಷಿ ಕೂಲಿ ಕಾರ್ಮಿಕರ ಬೇಡಿಕೆಗಳನ್ನು ಈಡೇರಿಸುವಂತೆ ಆಗ್ರಹಿಸಿ ಅಖಿಲ ಭಾರತ ಕಿಸಾನ್ ಸಭಾ (ಎಐಕೆಎಸ್) ವತಿಯಿಂದ ಹಮ್ಮಿಕೊಂಡಿದ್ದ ಪಾದಯಾತ್ರೆ ಹಾಗೂ ಧರಣಿ ಸತ್ಯಾಗ್ರಹವು ಅಧಿಕಾರಿಗಳ ಲಿಖಿತ ಭರವಸೆಯ ನಂತರ ತಾತ್ಕಾಲಿಕವಾಗಿ ಅಂತ್ಯಗೊಂಡಿತು. ಬುಧವಾರ ಮಾಡಿಯಾಳ ಗ್ರಾಮದಿಂದ 9 ಕಿ.ಮೀ. ಪಾದಯಾತ್ರೆಯ ಮೂಲಕ ತಹಸೀಲ್ದಾರ್ ಕಚೇರಿಗೆ ಆಗಮಿಸಿದ ರೈತರು ಧರಣಿ ನಡೆಸಿದರು. ರೈತರ ಸಾಲ ಮನ್ನಾ, ಬೆಳೆ ವಿಮೆ ಪರಿಹಾರ

ಆಳಂದ: ನ.14:ತಾಲೂಕಿನ ರೈತರ ಮತ್ತು ಕೃಷಿ ಕೂಲಿ ಕಾರ್ಮಿಕರ ಬೇಡಿಕೆಗಳನ್ನು ಈಡೇರಿಸುವಂತೆ ಆಗ್ರಹಿಸಿ ಅಖಿಲ ಭಾರತ ಕಿಸಾನ್ ಸಭಾ (ಎಐಕೆಎಸ್) ವತಿಯಿಂದ ಹಮ್ಮಿಕೊಂಡಿದ್ದ ಪಾದಯಾತ್ರೆ ಹಾಗೂ ಧರಣಿ ಸತ್ಯಾಗ್ರಹವು ಅಧಿಕಾರಿಗಳ ಲಿಖಿತ ಭರವಸೆಯ ನಂತರ ತಾತ್ಕಾಲಿಕವಾಗಿ ಅಂತ್ಯಗೊಂಡಿತು. ಬುಧವಾರ ಮಾಡಿಯಾಳ ಗ್ರಾಮದಿಂದ 9 ಕಿ.ಮೀ. ಪಾದಯಾತ್ರೆಯ ಮೂಲಕ ತಹಸೀಲ್ದಾರ್ ಕಚೇರಿಗೆ ಆಗಮಿಸಿದ ರೈತರು ಧರಣಿ ನಡೆಸಿದರು. ರೈತರ ಸಾಲ ಮನ್ನಾ, ಬೆಳೆ ವಿಮೆ ಪರಿಹಾರ ಹಾಗೂ ಜಮೀನು ಹಕ್ಕುಪತ್ರ ವಿತರಣೆ ಸೇರಿದಂತೆ 25 ಕ್ಕೂ ಹೆಚ್ಚು ಬೇಡಿಕೆಗಳನ್ನು ಮುಂದಿಟ್ಟಿದ್ದರು.

ಆಳಂದ: ನ.14:ತಾಲೂಕಿನ ರೈತರ ಮತ್ತು ಕೃಷಿ ಕೂಲಿ ಕಾರ್ಮಿಕರ ಬೇಡಿಕೆಗಳನ್ನು ಈಡೇರಿಸುವಂತೆ ಆಗ್ರಹಿಸಿ ಅಖಿಲ ಭಾರತ ಕಿಸಾನ್ ಸಭಾ (ಎಐಕೆಎಸ್) ವತಿಯಿಂದ ಹಮ್ಮಿಕೊಂಡಿದ್ದ ಪಾದಯಾತ್ರೆ ಹಾಗೂ ಧರಣಿ ಸತ್ಯಾಗ್ರಹವು ಅಧಿಕಾರಿಗಳ ಲಿಖಿತ ಭರವಸೆಯ ನಂತರ ತಾತ್ಕಾಲಿಕವಾಗಿ ಅಂತ್ಯಗೊಂಡಿತು. ಬುಧವಾರ ಮಾಡಿಯಾಳ ಗ್ರಾಮದಿಂದ 9 ಕಿ.ಮೀ. ಪಾದಯಾತ್ರೆಯ ಮೂಲಕ ತಹಸೀಲ್ದಾರ್ ಕಚೇರಿಗೆ ಆಗಮಿಸಿದ ರೈತರು ಧರಣಿ ನಡೆಸಿದರು. ರೈತರ ಸಾಲ ಮನ್ನಾ, ಬೆಳೆ ವಿಮೆ ಪರಿಹಾರ ಹಾಗೂ ಜಮೀನು ಹಕ್ಕುಪತ್ರ ವಿತರಣೆ ಸೇರಿದಂತೆ 25 ಕ್ಕೂ ಹೆಚ್ಚು ಬೇಡಿಕೆಗಳನ್ನು ಮುಂದಿಟ್ಟಿದ್ದರು.

ಆಳಂದ: ನ.14:ತಾಲೂಕಿನ ರೈತರ ಮತ್ತು ಕೃಷಿ ಕೂಲಿ ಕಾರ್ಮಿಕರ ಬೇಡಿಕೆಗಳನ್ನು ಈಡೇರಿಸುವಂತೆ ಆಗ್ರಹಿಸಿ ಅಖಿಲ ಭಾರತ ಕಿಸಾನ್ ಸಭಾ (ಎಐಕೆಎಸ್) ವತಿಯಿಂದ ಹಮ್ಮಿಕೊಂಡಿದ್ದ ಪಾದಯಾತ್ರೆ ಹಾಗೂ ಧರಣಿ ಸತ್ಯಾಗ್ರಹವು ಅಧಿಕಾರಿಗಳ ಲಿಖಿತ ಭರವಸೆಯ ನಂತರ ತಾತ್ಕಾಲಿಕವಾಗಿ ಅಂತ್ಯಗೊಂಡಿತು. ಬುಧವಾರ ಮಾಡಿಯಾಳ ಗ್ರಾಮದಿಂದ 9 ಕಿ.ಮೀ. ಪಾದಯಾತ್ರೆಯ ಮೂಲಕ ತಹಸೀಲ್ದಾರ್ ಕಚೇರಿಗೆ ಆಗಮಿಸಿದ ರೈತರು ಧರಣಿ ನಡೆಸಿದರು. ರೈತರ ಸಾಲ ಮನ್ನಾ, ಬೆಳೆ ವಿಮೆ ಪರಿಹಾರ ಹಾಗೂ ಜಮೀನು ಹಕ್ಕುಪತ್ರ ವಿತರಣೆ ಸೇರಿದಂತೆ 25 ಕ್ಕೂ ಹೆಚ್ಚು ಬೇಡಿಕೆಗಳನ್ನು ಮುಂದಿಟ್ಟಿದ್ದರು.

ಪೋಷಕ-ಶಿಕ್ಷಕರ ಮಹಾಸಭೆಯನ್ನು ಅರ್ಥಪೂರ್ಣವಾಗಿ ಆಯೋಜಿಸಿ: ಜಿಪಂ ಸಿಇಒ ರಿಷಿ ಆನಂದ ಸೂಚನೆ
ಸಂಜೆವಾಣಿ ವಾರ್ತೆ,

ವಿಜಯಪುರ,ನ.14:ಸರ್ಕಾರಿ ಶಾಲೆಗಳು ಮತ್ತು ಕಾಲೇಜುಗಳಲ್ಲಿ ಅರ್ಥಪೂರ್ಣವಾಗಿ ಪೋಷಕ-ಶಿಕ್ಷಕರ ಮಹಾಸಭೆಯನ್ನು ಆಯೋಜಿಸಬೇಕು ಎಂದು ಜಿಲ್ಲಾ ಪಂಚಾಯತ್ ಮುಖ್ಯ ಕಾರ್ಯನಿರ್ವಾಹಕ ಅಧಿಕಾರಿ ರಿಷಿ ಆನಂದ ಅವರು ಸೂಚನೆ ನೀಡಿದರು. ಪ್ರಸಕ್ತ ಶೈಕ್ಷಣಿಕ ಸಾಲಿನ 2025-26ನೇ ಸಾಲಿನ ಪೋಷಕ-ಶಿಕ್ಷಕರ ಮಹಾಸಭೆಯನ್ನು ಡಿಸೆಂಬರ್ ತಿಂಗಳಲ್ಲಿ ಜಿಲ್ಲೆಯ ಎಲ್ಲಾ ಸರ್ಕಾರಿ ಪ್ರಾಥಮಿಕ, ಪ್ರೌಢಶಾಲೆಗಳು ಹಾಗೂ ಪದವಿ ಪೂರ್ವ ಕಾಲೇಜುಗಳಲ್ಲಿ ಆಯೋಜಿಸಲಾಗುತ್ತಿದ್ದು, ಈ ಸಭೆಯ ಮೂಲಕ ಮಕ್ಕಳ ಕಲಿಕಾ ಪ್ರಗತಿಯ ಬಗ್ಗೆ ಪಾಲಕರಿಗೆ ಮಾಹಿತಿ ನೀಡಬೇಕು. ಶಾಲೆಗಳಲ್ಲಿ ಮಕ್ಕಳ ಹಾಜರಾತಿ ಹೆಚ್ಚಿಸಲು, ಕಲಿಕಾ ಗುಣಮಟ್ಟ ಸುಧಾರಿಸಲು ಪೋಷಕರ ಸಹಕಾರ ಅಗತ್ಯವಾಗಿದ್ದು, ಸಭೆಯಲ್ಲಿ ಪೋಷಕರ ಸಲಹೆಗಳನ್ನು ಪಡೆದು ಮುಂದಿನ ಕ್ರಮ ಕೈಗೊಳ್ಳಬೇಕು ಎಂದು ಹೇಳಿದರು.

ವಿಜಯಪುರ,ನ.14:ಸರ್ಕಾರಿ ಶಾಲೆಗಳು ಮತ್ತು ಕಾಲೇಜುಗಳಲ್ಲಿ ಅರ್ಥಪೂರ್ಣವಾಗಿ ಪೋಷಕ-ಶಿಕ್ಷಕರ ಮಹಾಸಭೆಯನ್ನು ಆಯೋಜಿಸಬೇಕು ಎಂದು ಜಿಲ್ಲಾ ಪಂಚಾಯತ್ ಮುಖ್ಯ ಕಾರ್ಯನಿರ್ವಾಹಕ ಅಧಿಕಾರಿ ರಿಷಿ ಆನಂದ ಅವರು ಸೂಚನೆ ನೀಡಿದರು. ಪ್ರಸಕ್ತ ಶೈಕ್ಷಣಿಕ ಸಾಲಿನ 2025-26ನೇ ಸಾಲಿನ ಪೋಷಕ-ಶಿಕ್ಷಕರ ಮಹಾಸಭೆಯನ್ನು ಡಿಸೆಂಬರ್ ತಿಂಗಳಲ್ಲಿ ಜಿಲ್ಲೆಯ ಎಲ್ಲಾ ಸರ್ಕಾರಿ ಪ್ರಾಥಮಿಕ, ಪ್ರೌಢಶಾಲೆಗಳು ಹಾಗೂ ಪದವಿ ಪೂರ್ವ ಕಾಲೇಜುಗಳಲ್ಲಿ ಆಯೋಜಿಸಲಾಗುತ್ತಿದ್ದು, ಈ ಸಭೆಯ ಮೂಲಕ ಮಕ್ಕಳ ಕಲಿಕಾ ಪ್ರಗತಿಯ ಬಗ್ಗೆ ಪಾಲಕರಿಗೆ ಮಾಹಿತಿ ನೀಡಬೇಕು. ಶಾಲೆಗಳಲ್ಲಿ ಮಕ್ಕಳ ಹಾಜರಾತಿ ಹೆಚ್ಚಿಸಲು, ಕಲಿಕಾ ಗುಣಮಟ್ಟ ಸುಧಾರಿಸಲು ಪೋಷಕರ ಸಹಕಾರ ಅಗತ್ಯವಾಗಿದ್ದು, ಸಭೆಯಲ್ಲಿ ಪೋಷಕರ ಸಲಹೆಗಳನ್ನು ಪಡೆದು ಮುಂದಿನ ಕ್ರಮ ಕೈಗೊಳ್ಳಬೇಕು ಎಂದು ಹೇಳಿದರು.

ವಿಜಯಪುರ,ನ.14:ಸರ್ಕಾರಿ ಶಾಲೆಗಳು ಮತ್ತು ಕಾಲೇಜುಗಳಲ್ಲಿ ಅರ್ಥಪೂರ್ಣವಾಗಿ ಪೋಷಕ-ಶಿಕ್ಷಕರ ಮಹಾಸಭೆಯನ್ನು ಆಯೋಜಿಸಬೇಕು ಎಂದು ಜಿಲ್ಲಾ ಪಂಚಾಯತ್ ಮುಖ್ಯ ಕಾರ್ಯನಿರ್ವಾಹಕ ಅಧಿಕಾರಿ ರಿಷಿ ಆನಂದ ಅವರು ಸೂಚನೆ ನೀಡಿದರು. ಪ್ರಸಕ್ತ ಶೈಕ್ಷಣಿಕ ಸಾಲಿನ 2025-26ನೇ ಸಾಲಿನ ಪೋಷಕ-ಶಿಕ್ಷಕರ ಮಹಾಸಭೆಯನ್ನು ಡಿಸೆಂಬರ್ ತಿಂಗಳಲ್ಲಿ ಜಿಲ್ಲೆಯ ಎಲ್ಲಾ ಸರ್ಕಾರಿ ಪ್ರಾಥಮಿಕ, ಪ್ರೌಢಶಾಲೆಗಳು ಹಾಗೂ ಪದವಿ ಪೂರ್ವ ಕಾಲೇಜುಗಳಲ್ಲಿ ಆಯೋಜಿಸಲಾಗುತ್ತಿದ್ದು, ಈ ಸಭೆಯ ಮೂಲಕ ಮಕ್ಕಳ ಕಲಿಕಾ ಪ್ರಗತಿಯ ಬಗ್ಗೆ ಪಾಲಕರಿಗೆ ಮಾಹಿತಿ ನೀಡಬೇಕು. ಶಾಲೆಗಳಲ್ಲಿ ಮಕ್ಕಳ ಹಾಜರಾತಿ ಹೆಚ್ಚಿಸಲು, ಕಲಿಕಾ ಗುಣಮಟ್ಟ ಸುಧಾರಿಸಲು ಪೋಷಕರ ಸಹಕಾರ ಅಗತ್ಯವಾಗಿದ್ದು, ಸಭೆಯಲ್ಲಿ ಪೋಷಕರ ಸಲಹೆಗಳನ್ನು ಪಡೆದು ಮುಂದಿನ ಕ್ರಮ ಕೈಗೊಳ್ಳಬೇಕು ಎಂದು ಹೇಳಿದರು.

ವಿಜಯಪುರ,ನ.14:ಸರ್ಕಾರಿ ಶಾಲೆಗಳು ಮತ್ತು ಕಾಲೇಜುಗಳಲ್ಲಿ ಅರ್ಥಪೂರ್ಣವಾಗಿ ಪೋಷಕ-ಶಿಕ್ಷಕರ ಮಹಾಸಭೆಯನ್ನು ಆಯೋಜಿಸಬೇಕು ಎಂದು ಜಿಲ್ಲಾ ಪಂಚಾಯತ್ ಮುಖ್ಯ ಕಾರ್ಯನಿರ್ವಾಹಕ ಅಧಿಕಾರಿ ರಿಷಿ ಆನಂದ ಅವರು ಸೂಚನೆ ನೀಡಿದರು. ಪ್ರಸಕ್ತ ಶೈಕ್ಷಣಿಕ ಸಾಲಿನ 2025-26ನೇ ಸಾಲಿನ ಪೋಷಕ-ಶಿಕ್ಷಕರ ಮಹಾಸಭೆಯನ್ನು ಡಿಸೆಂಬರ್ ತಿಂಗಳಲ್ಲಿ ಜಿಲ್ಲೆಯ ಎಲ್ಲಾ ಸರ್ಕಾರಿ ಪ್ರಾಥಮಿಕ, ಪ್ರೌಢಶಾಲೆಗಳು ಹಾಗೂ ಪದವಿ ಪೂರ್ವ ಕಾಲೇಜುಗಳಲ್ಲಿ ಆಯೋಜಿಸಲಾಗುತ್ತಿದ್ದು, ಈ ಸಭೆಯ ಮೂಲಕ ಮಕ್ಕಳ ಕಲಿಕಾ ಪ್ರಗತಿಯ ಬಗ್ಗೆ ಪಾಲಕರಿಗೆ ಮಾಹಿತಿ ನೀಡಬೇಕು. ಶಾಲೆಗಳಲ್ಲಿ ಮಕ್ಕಳ ಹಾಜರಾತಿ ಹೆಚ್ಚಿಸಲು, ಕಲಿಕಾ ಗುಣಮಟ್ಟ ಸುಧಾರಿಸಲು ಪೋಷಕರ ಸಹಕಾರ ಅಗತ್ಯವಾಗಿದ್ದು, ಸಭೆಯಲ್ಲಿ ಪೋಷಕರ ಸಲಹೆಗಳನ್ನು ಪಡೆದು ಮುಂದಿನ ಕ್ರಮ ಕೈಗೊಳ್ಳಬೇಕು ಎಂದು ಹೇಳಿದರು.

ವಿಜಯಪುರ,ನ.14:ಸರ್ಕಾರಿ ಶಾಲೆಗಳು ಮತ್ತು ಕಾಲೇಜುಗಳಲ್ಲಿ ಅರ್ಥಪೂರ್ಣವಾಗಿ ಪೋಷಕ-ಶಿಕ್ಷಕರ ಮಹಾಸಭೆಯನ್ನು ಆಯೋಜಿಸಬೇಕು ಎಂದು ಜಿಲ್ಲಾ ಪಂಚಾಯತ್ ಮುಖ್ಯ ಕಾರ್ಯನಿರ್ವಾಹಕ ಅಧಿಕಾರಿ ರಿಷಿ ಆನಂದ ಅವರು ಸೂಚನೆ ನೀಡಿದರು. ಪ್ರಸಕ್ತ ಶೈಕ್ಷಣಿಕ ಸಾಲಿನ 2025-26ನೇ ಸಾಲಿನ ಪೋಷಕ-ಶಿಕ್ಷಕರ ಮಹಾಸಭೆಯನ್ನು ಡಿಸೆಂಬರ್ ತಿಂಗಳಲ್ಲಿ ಜಿಲ್ಲೆಯ ಎಲ್ಲಾ ಸರ್ಕಾರಿ ಪ್ರಾಥಮಿಕ, ಪ್ರೌಢಶಾಲೆಗಳು ಹಾಗೂ ಪದವಿ ಪೂರ್ವ ಕಾಲೇಜುಗಳಲ್ಲಿ ಆಯೋಜಿಸಲಾಗುತ್ತಿದ್ದು, ಈ ಸಭೆಯ ಮೂಲಕ ಮಕ್ಕಳ ಕಲಿಕಾ ಪ್ರಗತಿಯ ಬಗ್ಗೆ ಪಾಲಕರಿಗೆ ಮಾಹಿತಿ ನೀಡಬೇಕು. ಶಾಲೆಗಳಲ್ಲಿ ಮಕ್ಕಳ ಹಾಜರಾತಿ ಹೆಚ್ಚಿಸಲು, ಕಲಿಕಾ ಗುಣಮಟ್ಟ ಸುಧಾರಿಸಲು ಪೋಷಕರ ಸಹಕಾರ ಅಗತ್ಯವಾಗಿದ್ದು, ಸಭೆಯಲ್ಲಿ ಪೋಷಕರ ಸಲಹೆಗಳನ್ನು ಪಡೆದು ಮುಂದಿನ ಕ್ರಮ ಕೈಗೊಳ್ಳಬೇಕು ಎಂದು ಹೇಳಿದರು.
